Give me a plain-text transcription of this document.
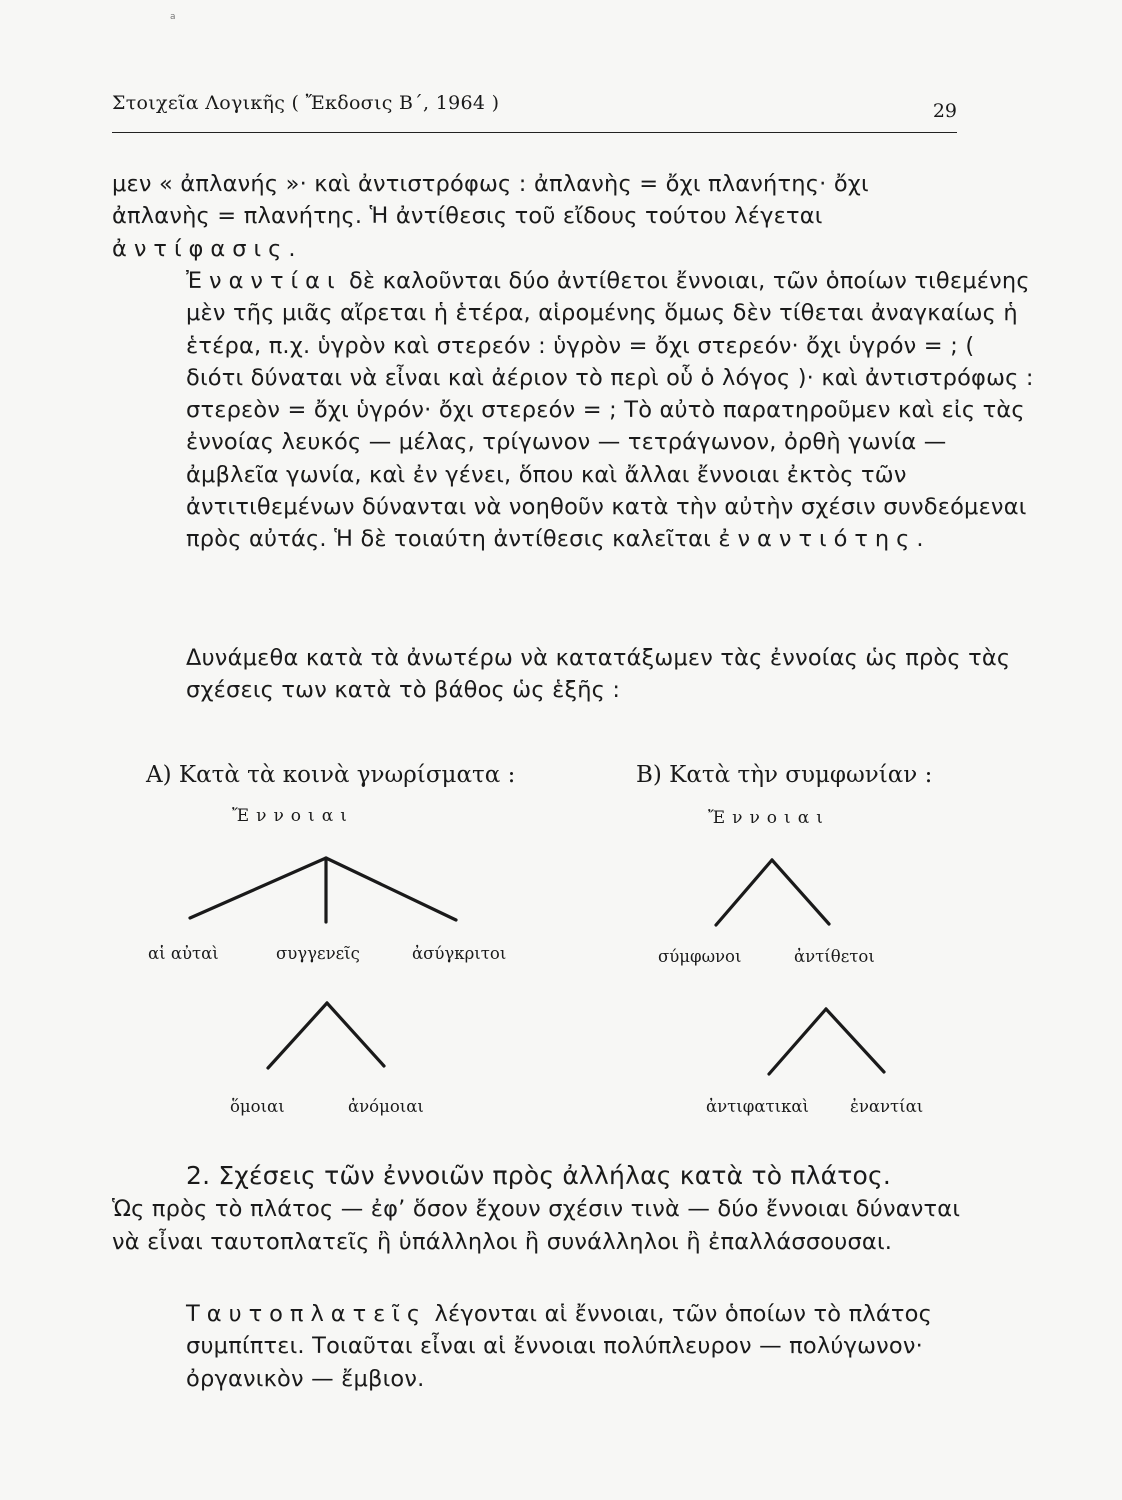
a
Στοιχεῖα Λογικῆς ( Ἔκδοσις Β΄, 1964 )	29

μεν « ἀπλανής »· καὶ ἀντιστρόφως : ἀπλανὴς = ὄχι πλανήτης· ὄχι ἀπλανὴς = πλανήτης. Ἡ ἀντίθεσις τοῦ εἴδους τούτου λέγεται ἀντίφασις.

Ἐναντίαι δὲ καλοῦνται δύο ἀντίθετοι ἔννοιαι, τῶν ὁποίων τιθεμένης μὲν τῆς μιᾶς αἴρεται ἡ ἑτέρα, αἱρομένης ὅμως δὲν τίθεται ἀναγκαίως ἡ ἑτέρα, π.χ. ὑγρὸν καὶ στερεόν : ὑγρὸν = ὄχι στερεόν· ὄχι ὑγρόν = ; ( διότι δύναται νὰ εἶναι καὶ ἀέριον τὸ περὶ οὗ ὁ λόγος )· καὶ ἀντιστρόφως : στερεὸν = ὄχι ὑγρόν· ὄχι στερεόν = ; Τὸ αὐτὸ παρατηροῦμεν καὶ εἰς τὰς ἐννοίας λευκός — μέλας, τρίγωνον — τετράγωνον, ὀρθὴ γωνία — ἀμβλεῖα γωνία, καὶ ἐν γένει, ὅπου καὶ ἄλλαι ἔννοιαι ἐκτὸς τῶν ἀντιτιθεμένων δύνανται νὰ νοηθοῦν κατὰ τὴν αὐτὴν σχέσιν συνδεόμεναι πρὸς αὐτάς. Ἡ δὲ τοιαύτη ἀντίθεσις καλεῖται ἐναντιότης.

Δυνάμεθα κατὰ τὰ ἀνωτέρω νὰ κατατάξωμεν τὰς ἐννοίας ὡς πρὸς τὰς σχέσεις των κατὰ τὸ βάθος ὡς ἑξῆς :

Α) Κατὰ τὰ κοινὰ γνωρίσματα :	Β) Κατὰ τὴν συμφωνίαν :
Ἔννοιαι	Ἔννοιαι
αἱ αὐταὶ	συγγενεῖς	ἀσύγκριτοι
ὅμοιαι	ἀνόμοιαι
σύμφωνοι	ἀντίθετοι
ἀντιφατικαὶ ἐναντίαι

2. Σχέσεις τῶν ἐννοιῶν πρὸς ἀλλήλας κατὰ τὸ πλάτος.
Ὡς πρὸς τὸ πλάτος — ἐφ’ ὅσον ἔχουν σχέσιν τινὰ — δύο ἔννοιαι δύνανται νὰ εἶναι ταυτοπλατεῖς ἢ ὑπάλληλοι ἢ συνάλληλοι ἢ ἐπαλλάσσουσαι.

Ταυτοπλατεῖς λέγονται αἱ ἔννοιαι, τῶν ὁποίων τὸ πλάτος συμπίπτει. Τοιαῦται εἶναι αἱ ἔννοιαι πολύπλευρον — πολύγωνον· ὀργανικὸν — ἔμβιον.
